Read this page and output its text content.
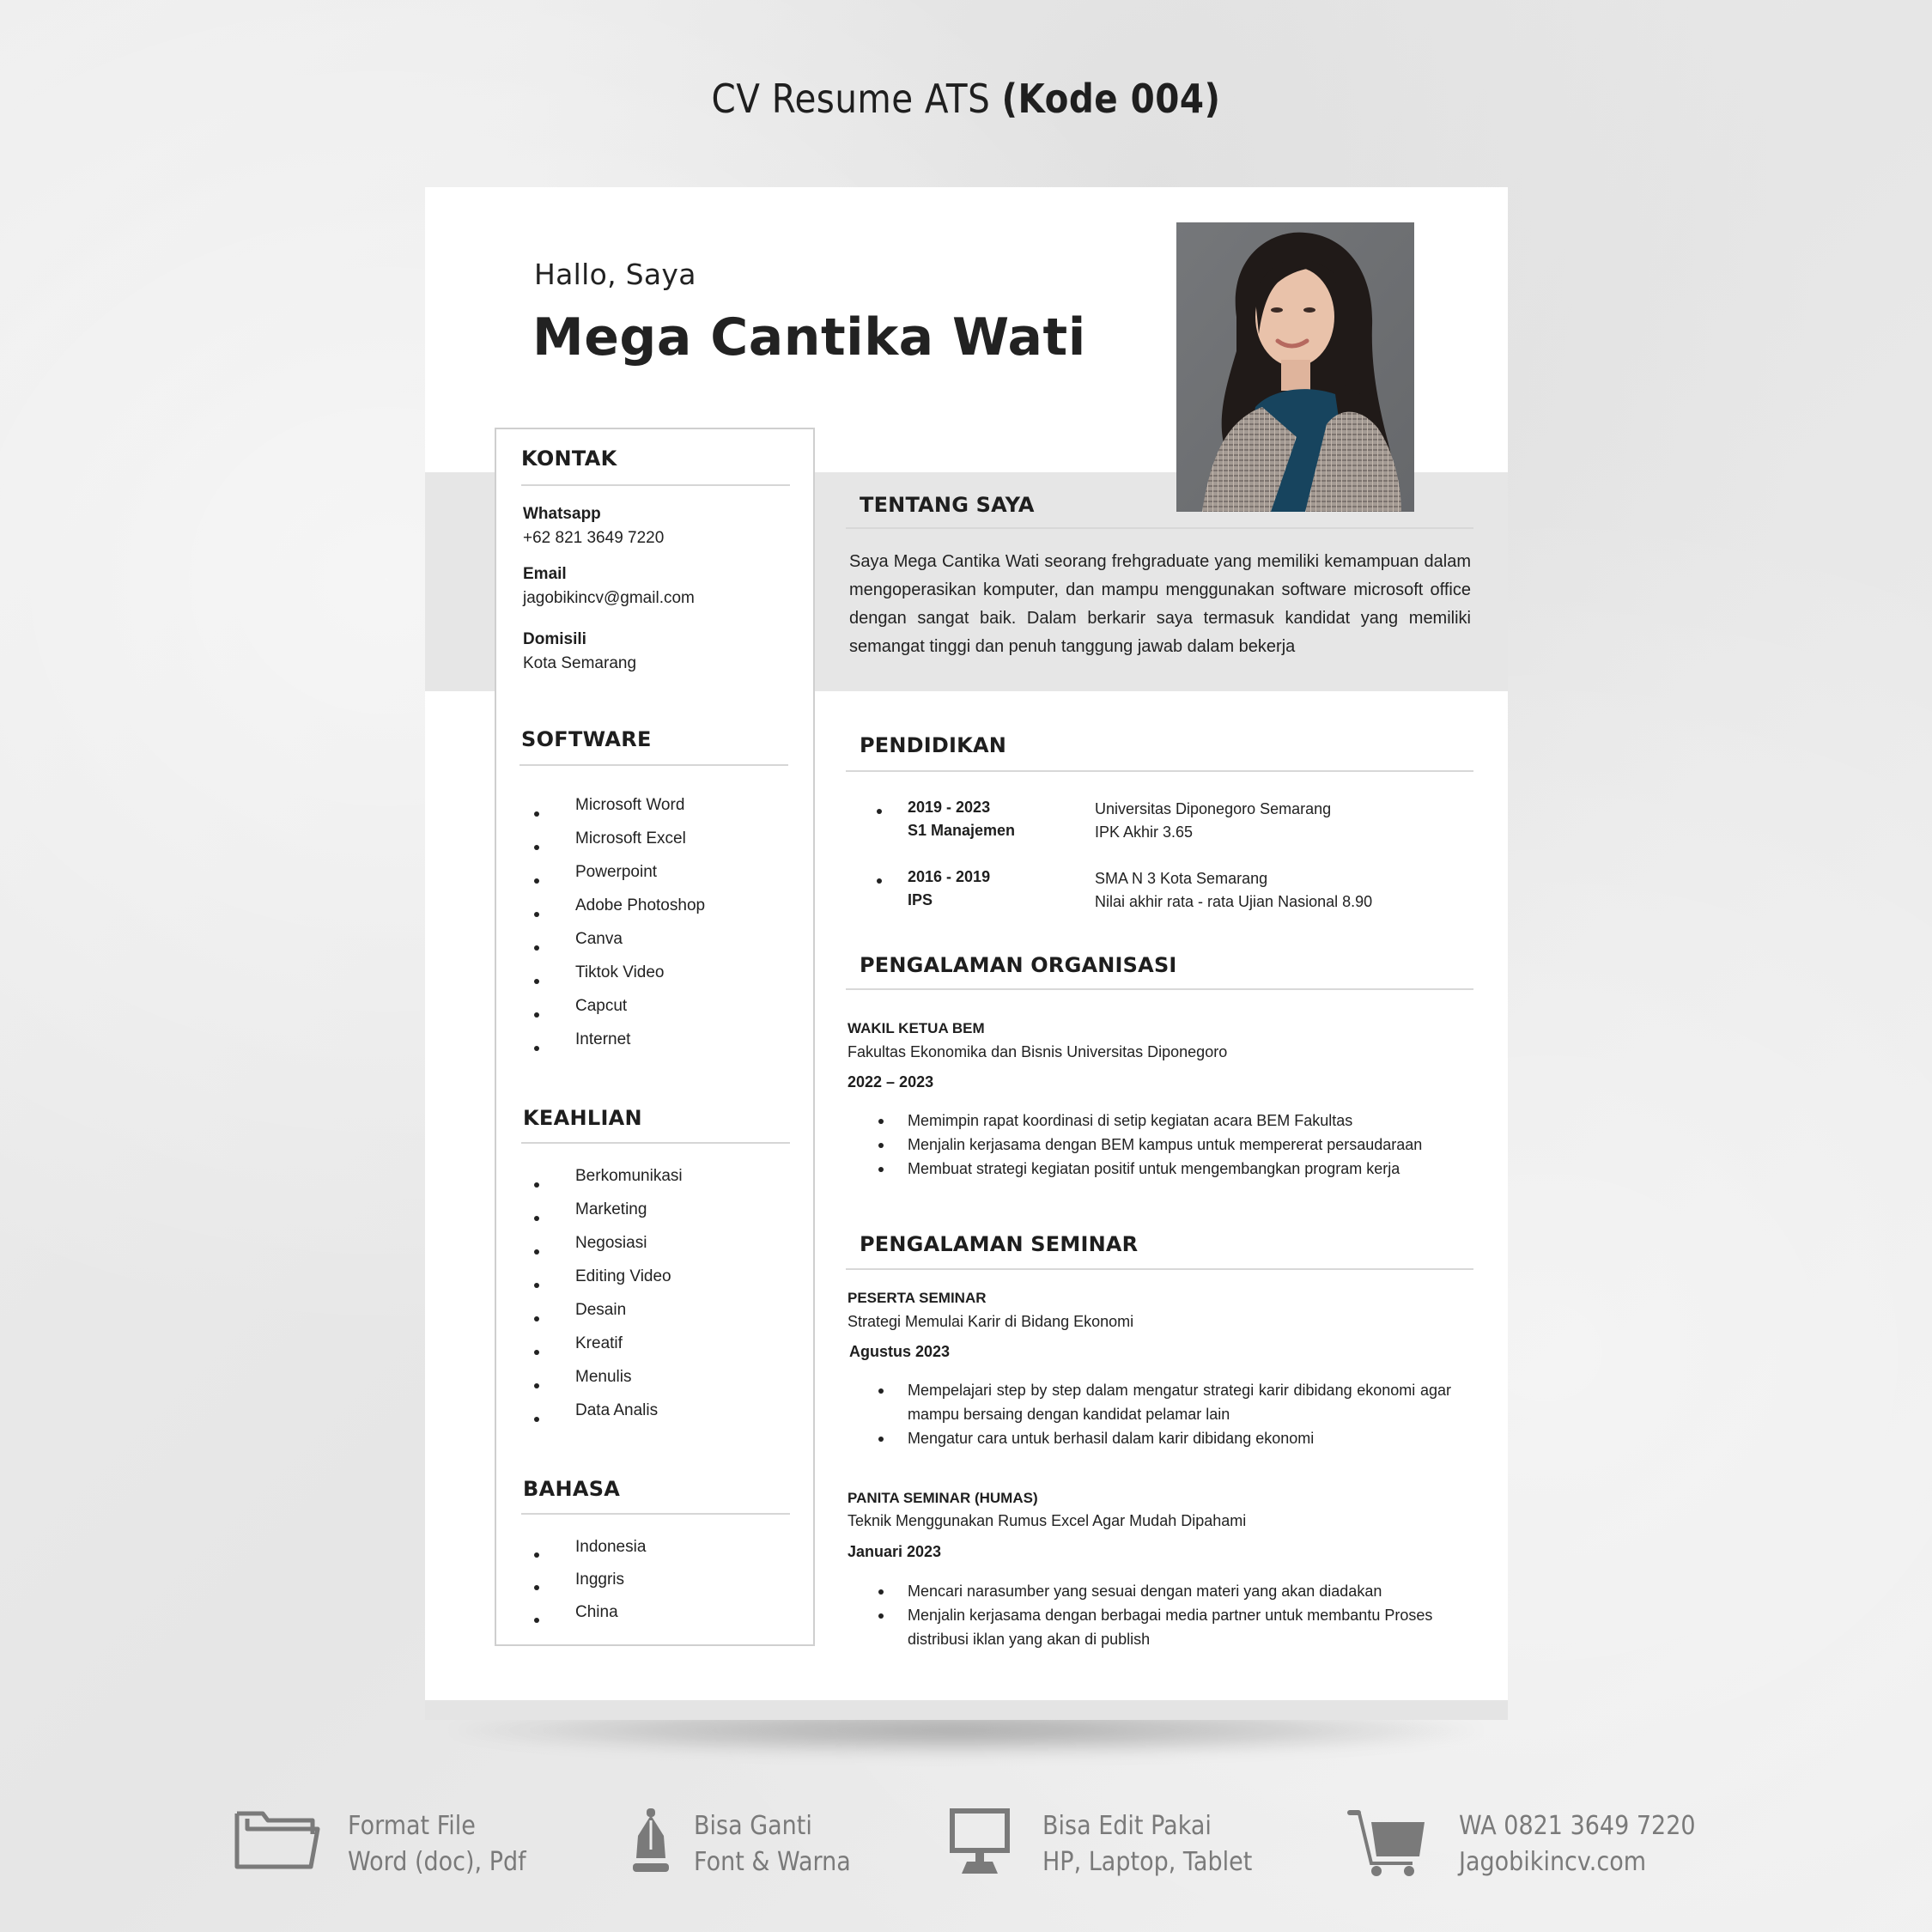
CV Resume ATS (Kode 004)
Hallo, Saya
Mega Cantika Wati
KONTAK
Whatsapp
+62 821 3649 7220
Email
jagobikincv@gmail.com
Domisili
Kota Semarang
SOFTWARE
Microsoft Word
Microsoft Excel
Powerpoint
Adobe Photoshop
Canva
Tiktok Video
Capcut
Internet
KEAHLIAN
Berkomunikasi
Marketing
Negosiasi
Editing Video
Desain
Kreatif
Menulis
Data Analis
BAHASA
Indonesia
Inggris
China
TENTANG SAYA
Saya Mega Cantika Wati seorang frehgraduate yang memiliki kemampuan dalam mengoperasikan komputer, dan mampu menggunakan software microsoft office dengan sangat baik. Dalam berkarir saya termasuk kandidat yang memiliki semangat tinggi dan penuh tanggung jawab dalam bekerja
PENDIDIKAN
2019 - 2023
S1 Manajemen
Universitas Diponegoro Semarang
IPK Akhir 3.65
2016 - 2019
IPS
SMA N 3 Kota Semarang
Nilai akhir rata - rata Ujian Nasional 8.90
PENGALAMAN ORGANISASI
WAKIL KETUA BEM
Fakultas Ekonomika dan Bisnis Universitas Diponegoro
2022 – 2023
Memimpin rapat koordinasi di setip kegiatan acara BEM Fakultas
Menjalin kerjasama dengan BEM kampus untuk mempererat persaudaraan
Membuat strategi kegiatan positif untuk mengembangkan program kerja
PENGALAMAN SEMINAR
PESERTA SEMINAR
Strategi Memulai Karir di Bidang Ekonomi
Agustus 2023
Mempelajari step by step dalam mengatur strategi karir dibidang ekonomi agar mampu bersaing dengan kandidat pelamar lain
Mengatur cara untuk berhasil dalam karir dibidang ekonomi
PANITA SEMINAR (HUMAS)
Teknik Menggunakan Rumus Excel Agar Mudah Dipahami
Januari 2023
Mencari narasumber yang sesuai dengan materi yang akan diadakan
Menjalin kerjasama dengan berbagai media partner untuk membantu Proses distribusi iklan yang akan di publish
Format File
Word (doc), Pdf
Bisa Ganti
Font & Warna
Bisa Edit Pakai
HP, Laptop, Tablet
WA 0821 3649 7220
Jagobikincv.com
